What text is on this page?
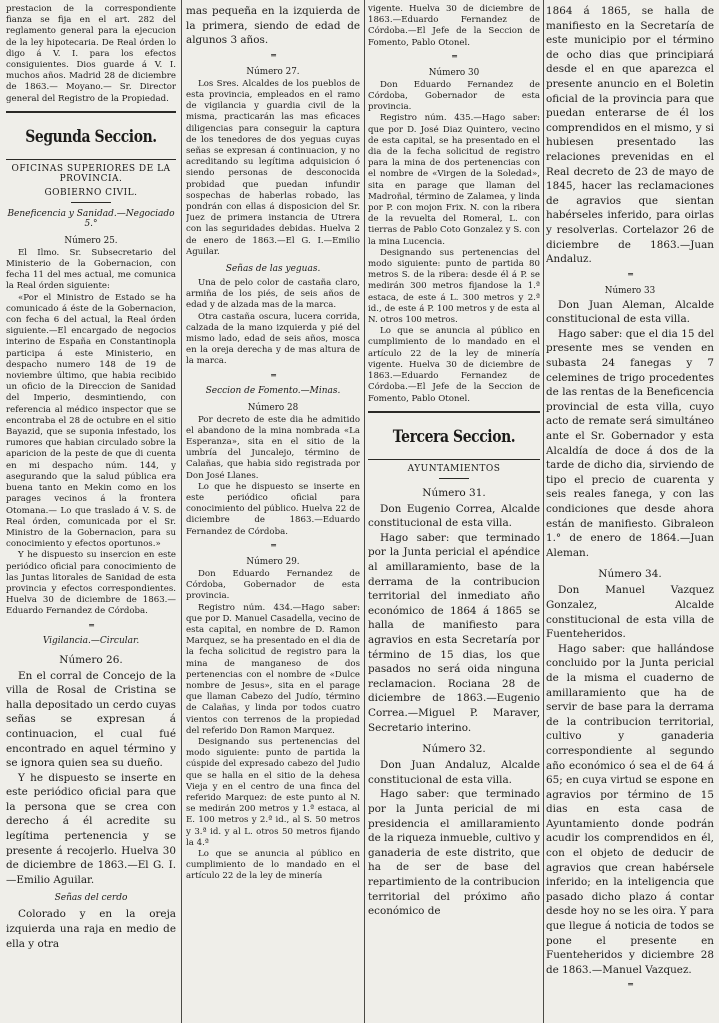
prestacion de la correspondiente fianza se fija en el art. 282 del reglamento general para la ejecucion de la ley hipotecaria. De Real órden lo digo á V. I. para los efectos consiguientes. Dios guarde á V. I. muchos años. Madrid 28 de diciembre de 1863.— Moyano.— Sr. Director general del Registro de la Propiedad.

Segunda Seccion.
OFICINAS SUPERIORES DE LA PROVINCIA.
GOBIERNO CIVIL.
Beneficencia y Sanidad.—Negociado 5.°
Número 25.

El Ilmo. Sr. Subsecretario del Ministerio de la Gobernacion, con fecha 11 del mes actual, me comunica la Real órden siguiente:

«Por el Ministro de Estado se ha comunicado á éste de la Gobernacion, con fecha 6 del actual, la Real órden siguiente.—El encargado de negocios interino de España en Constantinopla participa á este Ministerio, en despacho numero 148 de 19 de noviembre último, que habia recibido un oficio de la Direccion de Sanidad del Imperio, desmintiendo, con referencia al médico inspector que se encontraba el 28 de octubre en el sitio Bayazid, que se suponia infestado, los rumores que habian circulado sobre la aparicion de la peste de que di cuenta en mi despacho núm. 144, y asegurando que la salud pública era buena tanto en Mekin como en los parages vecinos á la frontera Otomana.— Lo que traslado á V. S. de Real órden, comunicada por el Sr. Ministro de la Gobernacion, para su conocimiento y efectos oportunos.»

Y he dispuesto su insercion en este periódico oficial para conocimiento de las Juntas litorales de Sanidad de esta provincia y efectos correspondientes. Huelva 30 de diciembre de 1863.—Eduardo Fernandez de Córdoba.

═
Vigilancia.—Circular.
Número 26.

En el corral de Concejo de la villa de Rosal de Cristina se halla depositado un cerdo cuyas señas se expresan á continuacion, el cual fué encontrado en aquel término y se ignora quien sea su dueño.

Y he dispuesto se inserte en este periódico oficial para que la persona que se crea con derecho á él acredite su legítima pertenencia y se presente á recojerlo. Huelva 30 de diciembre de 1863.—El G. I. —Emilio Aguilar.

Señas del cerdo

Colorado y en la oreja izquierda una raja en medio de ella y otra

mas pequeña en la izquierda de la primera, siendo de edad de algunos 3 años.

═
Número 27.

Los Sres. Alcaldes de los pueblos de esta provincia, empleados en el ramo de vigilancia y guardia civil de la misma, practicarán las mas eficaces diligencias para conseguir la captura de los tenedores de dos yeguas cuyas señas se expresan á continuacion, y no acreditando su legítima adquisicion ó siendo personas de desconocida probidad que puedan infundir sospechas de haberlas robado, las pondrán con ellas á disposicion del Sr. Juez de primera instancia de Utrera con las seguridades debidas. Huelva 2 de enero de 1863.—El G. I.—Emilio Aguilar.

Señas de las yeguas.

Una de pelo color de castaña claro, armiña de los piés, de seis años de edad y de alzada mas de la marca.

Otra castaña oscura, lucera corrida, calzada de la mano izquierda y pié del mismo lado, edad de seis años, mosca en la oreja derecha y de mas altura de la marca.

═
Seccion de Fomento.—Minas.
Número 28

Por decreto de este dia he admitido el abandono de la mina nombrada «La Esperanza», sita en el sitio de la umbría del Juncalejo, término de Calañas, que habia sido registrada por Don José Llanes.

Lo que he dispuesto se inserte en este periódico oficial para conocimiento del público. Huelva 22 de diciembre de 1863.—Eduardo Fernandez de Córdoba.

═
Número 29.

Don Eduardo Fernandez de Córdoba, Gobernador de esta provincia.

Registro núm. 434.—Hago saber: que por D. Manuel Casadella, vecino de esta capital, en nombre de D. Ramon Marquez, se ha presentado en el dia de la fecha solicitud de registro para la mina de manganeso de dos pertenencias con el nombre de «Dulce nombre de Jesus», sita en el parage que llaman Cabezo del Judío, término de Calañas, y linda por todos cuatro vientos con terrenos de la propiedad del referido Don Ramon Marquez.

Designando sus pertenencias del modo siguiente: punto de partida la cúspide del expresado cabezo del Judio que se halla en el sitio de la dehesa Vieja y en el centro de una finca del referido Marquez: de este punto al N. se medirán 200 metros y 1.ª estaca, al E. 100 metros y 2.ª id., al S. 50 metros y 3.ª id. y al L. otros 50 metros fijando la 4.ª

Lo que se anuncia al público en cumplimiento de lo mandado en el artículo 22 de la ley de minería

vigente. Huelva 30 de diciembre de 1863.—Eduardo Fernandez de Córdoba.—El Jefe de la Seccion de Fomento, Pablo Otonel.

═
Número 30

Don Eduardo Fernandez de Córdoba, Gobernador de esta provincia.

Registro núm. 435.—Hago saber: que por D. José Diaz Quintero, vecino de esta capital, se ha presentado en el dia de la fecha solicitud de registro para la mina de dos pertenencias con el nombre de «Virgen de la Soledad», sita en parage que llaman del Madroñal, término de Zalamea, y linda por P. con mojon Frix. N. con la ribera de la revuelta del Romeral, L. con tierras de Pablo Coto Gonzalez y S. con la mina Lucencia.

Designando sus pertenencias del modo siguiente: punto de partida 80 metros S. de la ribera: desde él á P. se medirán 300 metros fijandose la 1.ª estaca, de este á L. 300 metros y 2.ª id., de este á P. 100 metros y de esta al N. otros 100 metros.

Lo que se anuncia al público en cumplimiento de lo mandado en el artículo 22 de la ley de minería vigente. Huelva 30 de diciembre de 1863.—Eduardo Fernandez de Córdoba.—El Jefe de la Seccion de Fomento, Pablo Otonel.

Tercera Seccion.
AYUNTAMIENTOS
Número 31.

Don Eugenio Correa, Alcalde constitucional de esta villa.

Hago saber: que terminado por la Junta pericial el apéndice al amillaramiento, base de la derrama de la contribucion territorial del inmediato año económico de 1864 á 1865 se halla de manifiesto para agravios en esta Secretaría por término de 15 dias, los que pasados no será oida ninguna reclamacion. Rociana 28 de diciembre de 1863.—Eugenio Correa.—Miguel P. Maraver, Secretario interino.

Número 32.

Don Juan Andaluz, Alcalde constitucional de esta villa.

Hago saber: que terminado por la Junta pericial de mi presidencia el amillaramiento de la riqueza inmueble, cultivo y ganaderia de este distrito, que ha de ser de base del repartimiento de la contribucion territorial del próximo año económico de

1864 á 1865, se halla de manifiesto en la Secretaría de este municipio por el término de ocho dias que principiará desde el en que aparezca el presente anuncio en el Boletin oficial de la provincia para que puedan enterarse de él los comprendidos en el mismo, y si hubiesen presentado las relaciones prevenidas en el Real decreto de 23 de mayo de 1845, hacer las reclamaciones de agravios que sientan habérseles inferido, para oirlas y resolverlas. Cortelazor 26 de diciembre de 1863.—Juan Andaluz.

═
Número 33

Don Juan Aleman, Alcalde constitucional de esta villa.

Hago saber: que el dia 15 del presente mes se venden en subasta 24 fanegas y 7 celemines de trigo procedentes de las rentas de la Beneficencia provincial de esta villa, cuyo acto de remate será simultáneo ante el Sr. Gobernador y esta Alcaldía de doce á dos de la tarde de dicho dia, sirviendo de tipo el precio de cuarenta y seis reales fanega, y con las condiciones que desde ahora están de manifiesto. Gibraleon 1.° de enero de 1864.—Juan Aleman.

Número 34.

Don Manuel Vazquez Gonzalez, Alcalde constitucional de esta villa de Fuenteheridos.

Hago saber: que hallándose concluido por la Junta pericial de la misma el cuaderno de amillaramiento que ha de servir de base para la derrama de la contribucion territorial, cultivo y ganaderia correspondiente al segundo año económico ó sea el de 64 á 65; en cuya virtud se espone en agravios por término de 15 dias en esta casa de Ayuntamiento donde podrán acudir los comprendidos en él, con el objeto de deducir de agravios que crean habérsele inferido; en la inteligencia que pasado dicho plazo á contar desde hoy no se les oira. Y para que llegue á noticia de todos se pone el presente en Fuenteheridos y diciembre 28 de 1863.—Manuel Vazquez.

═
